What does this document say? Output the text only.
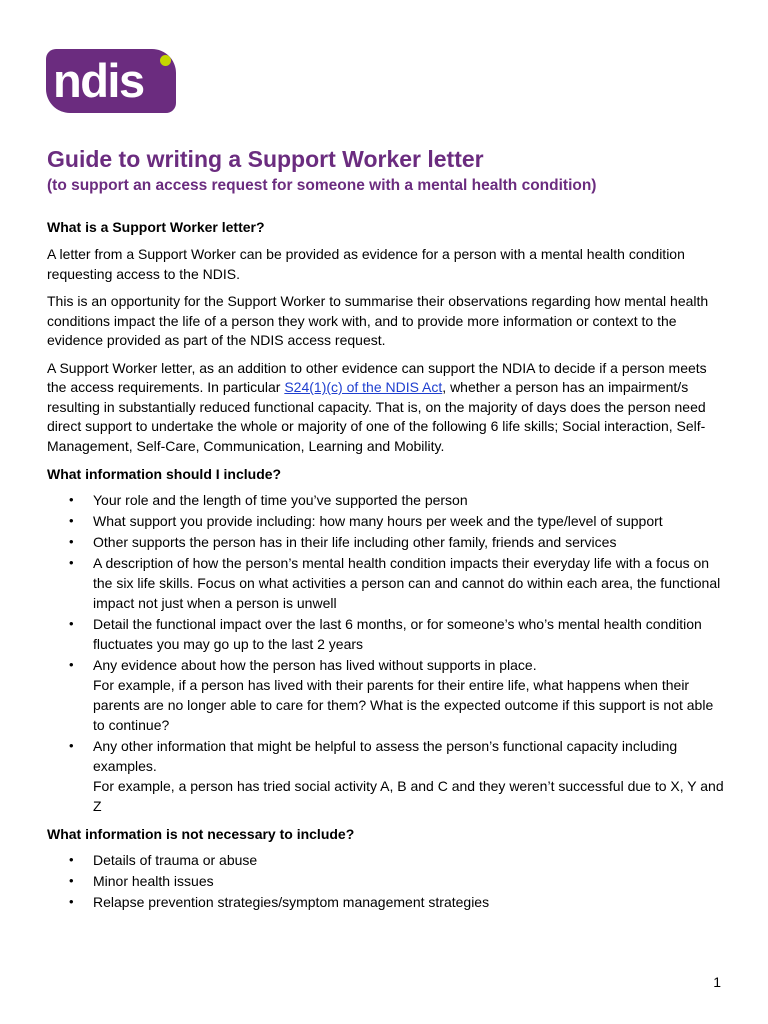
ndis
Guide to writing a Support Worker letter
(to support an access request for someone with a mental health condition)
What is a Support Worker letter?

A letter from a Support Worker can be provided as evidence for a person with a mental health condition requesting access to the NDIS.

This is an opportunity for the Support Worker to summarise their observations regarding how mental health conditions impact the life of a person they work with, and to provide more information or context to the evidence provided as part of the NDIS access request.

A Support Worker letter, as an addition to other evidence can support the NDIA to decide if a person meets the access requirements. In particular S24(1)(c) of the NDIS Act, whether a person has an impairment/s resulting in substantially reduced functional capacity. That is, on the majority of days does the person need direct support to undertake the whole or majority of one of the following 6 life skills; Social interaction, Self-Management, Self-Care, Communication, Learning and Mobility.

What information should I include?
• Your role and the length of time you’ve supported the person
• What support you provide including: how many hours per week and the type/level of support
• Other supports the person has in their life including other family, friends and services
• A description of how the person’s mental health condition impacts their everyday life with a focus on the six life skills. Focus on what activities a person can and cannot do within each area, the functional impact not just when a person is unwell
• Detail the functional impact over the last 6 months, or for someone’s who’s mental health condition fluctuates you may go up to the last 2 years
• Any evidence about how the person has lived without supports in place.
For example, if a person has lived with their parents for their entire life, what happens when their parents are no longer able to care for them? What is the expected outcome if this support is not able to continue?
• Any other information that might be helpful to assess the person’s functional capacity including examples.
For example, a person has tried social activity A, B and C and they weren’t successful due to X, Y and Z
What information is not necessary to include?
• Details of trauma or abuse
• Minor health issues
• Relapse prevention strategies/symptom management strategies
1
